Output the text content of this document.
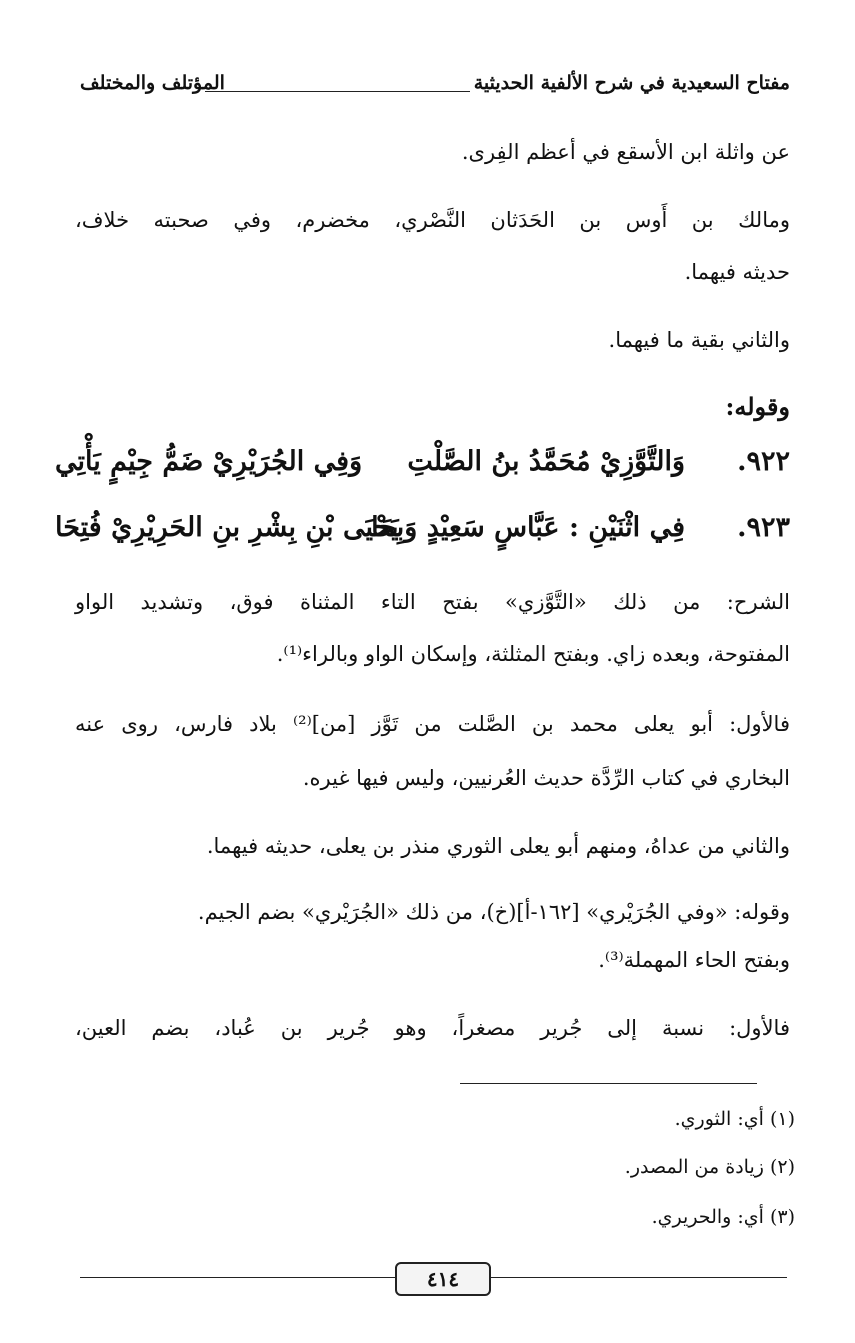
مفتاح السعيدية في شرح الألفية الحديثية
المؤتلف والمختلف
عن واثلة ابن الأسقع في أعظم الفِرى.
ومالك بن أَوس بن الحَدَثان النَّصْري، مخضرم، وفي صحبته خلاف،
حديثه فيهما.
والثاني بقية ما فيهما.
وقوله:
٩٢٢.
وَالتَّوَّزِيْ مُحَمَّدُ بنُ الصَّلْتِ
وَفِي الجُرَيْرِيْ ضَمُّ جِيْمٍ يَأْتِي
٩٢٣.
فِي اثْنَيْنِ : عَبَّاسٍ سَعِيْدٍ وَبِحَا
يَحْيَى بْنِ بِشْرِ بنِ الحَرِيْرِيْ فُتِحَا
الشرح: من ذلك «التَّوَّزي» بفتح التاء المثناة فوق، وتشديد الواو
المفتوحة، وبعده زاي. وبفتح المثلثة، وإسكان الواو وبالراء⁽¹⁾.
فالأول: أبو يعلى محمد بن الصَّلت من تَوَّز [من]⁽²⁾ بلاد فارس، روى عنه
البخاري في كتاب الرِّدَّة حديث العُرنيين، وليس فيها غيره.
والثاني من عداهُ، ومنهم أبو يعلى الثوري منذر بن يعلى، حديثه فيهما.
وقوله: «وفي الجُرَيْري» [١٦٢-أ](خ)، من ذلك «الجُرَيْري» بضم الجيم.
وبفتح الحاء المهملة⁽³⁾.
فالأول: نسبة إلى جُرير مصغراً، وهو جُرير بن عُباد، بضم العين،
(١) أي: الثوري.
(٢) زيادة من المصدر.
(٣) أي: والحريري.
٤١٤
